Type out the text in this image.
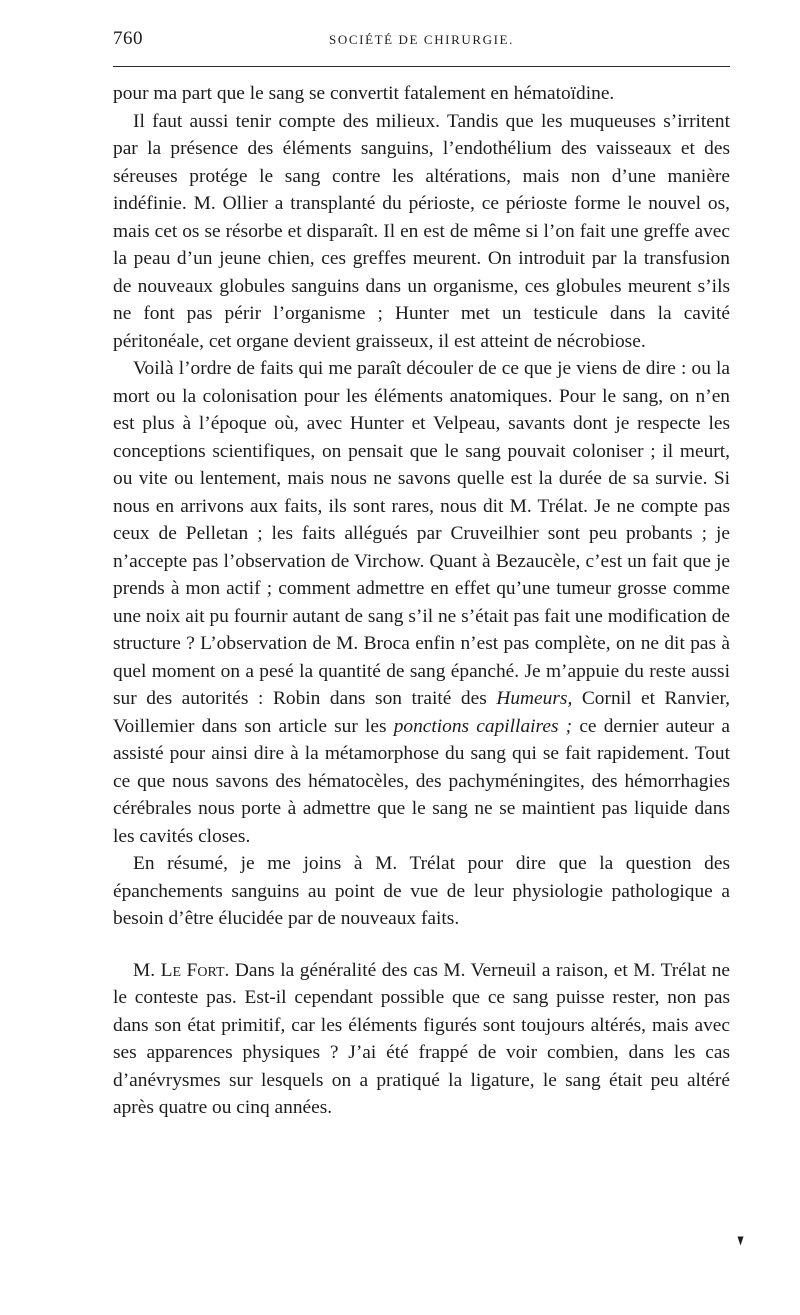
760	SOCIÉTÉ DE CHIRURGIE.

pour ma part que le sang se convertit fatalement en hématoïdine.

Il faut aussi tenir compte des milieux. Tandis que les muqueuses s’irritent par la présence des éléments sanguins, l’endothélium des vaisseaux et des séreuses protége le sang contre les altérations, mais non d’une manière indéfinie. M. Ollier a transplanté du périoste, ce périoste forme le nouvel os, mais cet os se résorbe et disparaît. Il en est de même si l’on fait une greffe avec la peau d’un jeune chien, ces greffes meurent. On introduit par la transfusion de nouveaux globules sanguins dans un organisme, ces globules meurent s’ils ne font pas périr l’organisme ; Hunter met un testicule dans la cavité péritonéale, cet organe devient graisseux, il est atteint de nécrobiose.

Voilà l’ordre de faits qui me paraît découler de ce que je viens de dire : ou la mort ou la colonisation pour les éléments anatomiques. Pour le sang, on n’en est plus à l’époque où, avec Hunter et Velpeau, savants dont je respecte les conceptions scientifiques, on pensait que le sang pouvait coloniser ; il meurt, ou vite ou lentement, mais nous ne savons quelle est la durée de sa survie. Si nous en arrivons aux faits, ils sont rares, nous dit M. Trélat. Je ne compte pas ceux de Pelletan ; les faits allégués par Cruveilhier sont peu probants ; je n’accepte pas l’observation de Virchow. Quant à Bezaucèle, c’est un fait que je prends à mon actif ; comment admettre en effet qu’une tumeur grosse comme une noix ait pu fournir autant de sang s’il ne s’était pas fait une modification de structure ? L’observation de M. Broca enfin n’est pas complète, on ne dit pas à quel moment on a pesé la quantité de sang épanché. Je m’appuie du reste aussi sur des autorités : Robin dans son traité des Humeurs, Cornil et Ranvier, Voillemier dans son article sur les ponctions capillaires ; ce dernier auteur a assisté pour ainsi dire à la métamorphose du sang qui se fait rapidement. Tout ce que nous savons des hématocèles, des pachyméningites, des hémorrhagies cérébrales nous porte à admettre que le sang ne se maintient pas liquide dans les cavités closes.

En résumé, je me joins à M. Trélat pour dire que la question des épanchements sanguins au point de vue de leur physiologie pathologique a besoin d’être élucidée par de nouveaux faits.

M. Le Fort. Dans la généralité des cas M. Verneuil a raison, et M. Trélat ne le conteste pas. Est-il cependant possible que ce sang puisse rester, non pas dans son état primitif, car les éléments figurés sont toujours altérés, mais avec ses apparences physiques ? J’ai été frappé de voir combien, dans les cas d’anévrysmes sur lesquels on a pratiqué la ligature, le sang était peu altéré après quatre ou cinq années.
